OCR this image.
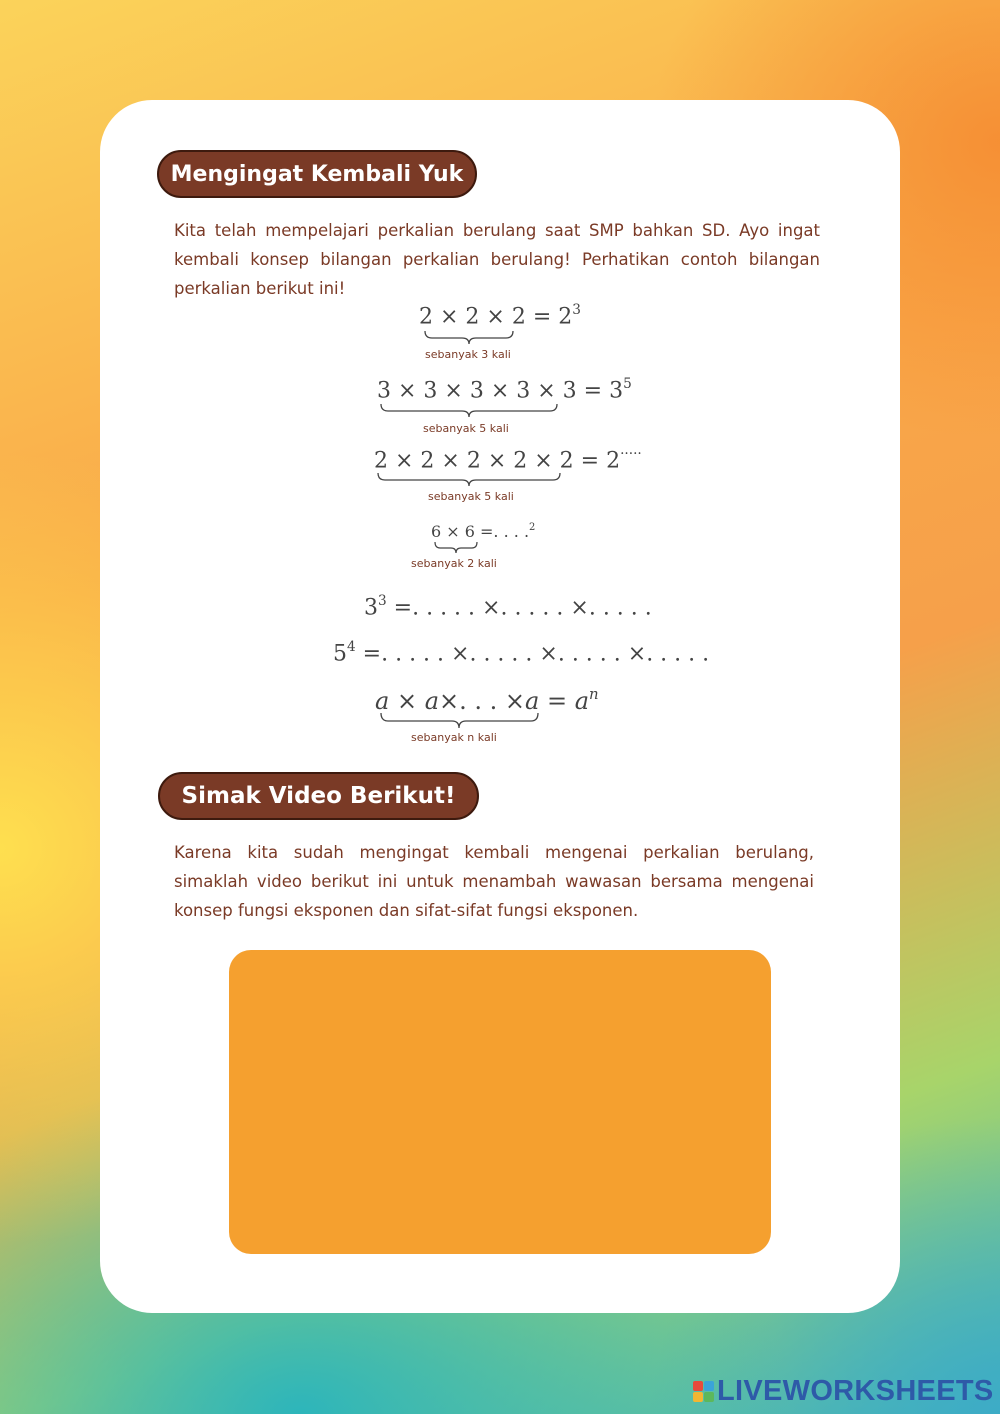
Mengingat Kembali Yuk

Kita telah mempelajari perkalian berulang saat SMP bahkan SD. Ayo ingat kembali konsep bilangan perkalian berulang! Perhatikan contoh bilangan perkalian berikut ini!

$2 \times 2 \times 2 = 2^3$
sebanyak 3 kali
$3 \times 3 \times 3 \times 3 \times 3 = 3^5$
sebanyak 5 kali
2 × 2 × 2 × 2 × 2 = 2·····
sebanyak 5 kali
6 × 6 =. . . .$^2$
sebanyak 2 kali
$3^3$ =. . . . . ×. . . . . ×. . . . .
$5^4$ =. . . . . ×. . . . . ×. . . . . ×. . . . .
a × a×. . . $\times a = a^n$
sebanyak n kali
Simak Video Berikut!

Karena kita sudah mengingat kembali mengenai perkalian berulang, simaklah video berikut ini untuk menambah wawasan bersama mengenai konsep fungsi eksponen dan sifat-sifat fungsi eksponen.

LIVEWORKSHEETS
